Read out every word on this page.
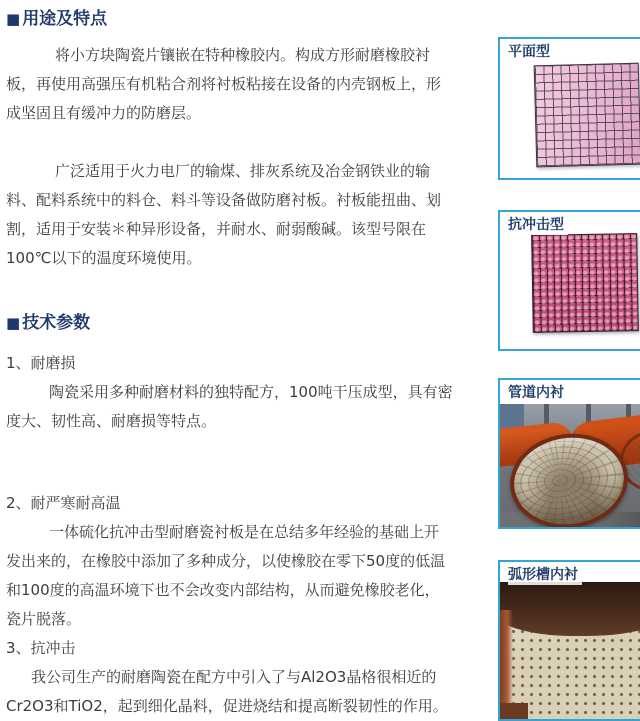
■ 用途及特点

将小方块陶瓷片镶嵌在特种橡胶内。构成方形耐磨橡胶衬板，再使用高强压有机粘合剂将衬板粘接在设备的内壳钢板上，形成坚固且有缓冲力的防磨层。

广泛适用于火力电厂的输煤、排灰系统及冶金钢铁业的输料、配料系统中的料仓、料斗等设备做防磨衬板。衬板能扭曲、划割，适用于安装＊种异形设备，并耐水、耐弱酸碱。该型号限在100℃以下的温度环境使用。

■ 技术参数

1、耐磨损

陶瓷采用多种耐磨材料的独特配方，100吨干压成型，具有密度大、韧性高、耐磨损等特点。

2、耐严寒耐高温

一体硫化抗冲击型耐磨瓷衬板是在总结多年经验的基础上开发出来的，在橡胶中添加了多种成分，以使橡胶在零下50度的低温和100度的高温环境下也不会改变内部结构，从而避免橡胶老化，瓷片脱落。

3、抗冲击

我公司生产的耐磨陶瓷在配方中引入了与Al2O3晶格很相近的Cr2O3和TiO2，起到细化晶料，促进烧结和提高断裂韧性的作用。

平面型
抗冲击型
管道内衬
弧形槽内衬
